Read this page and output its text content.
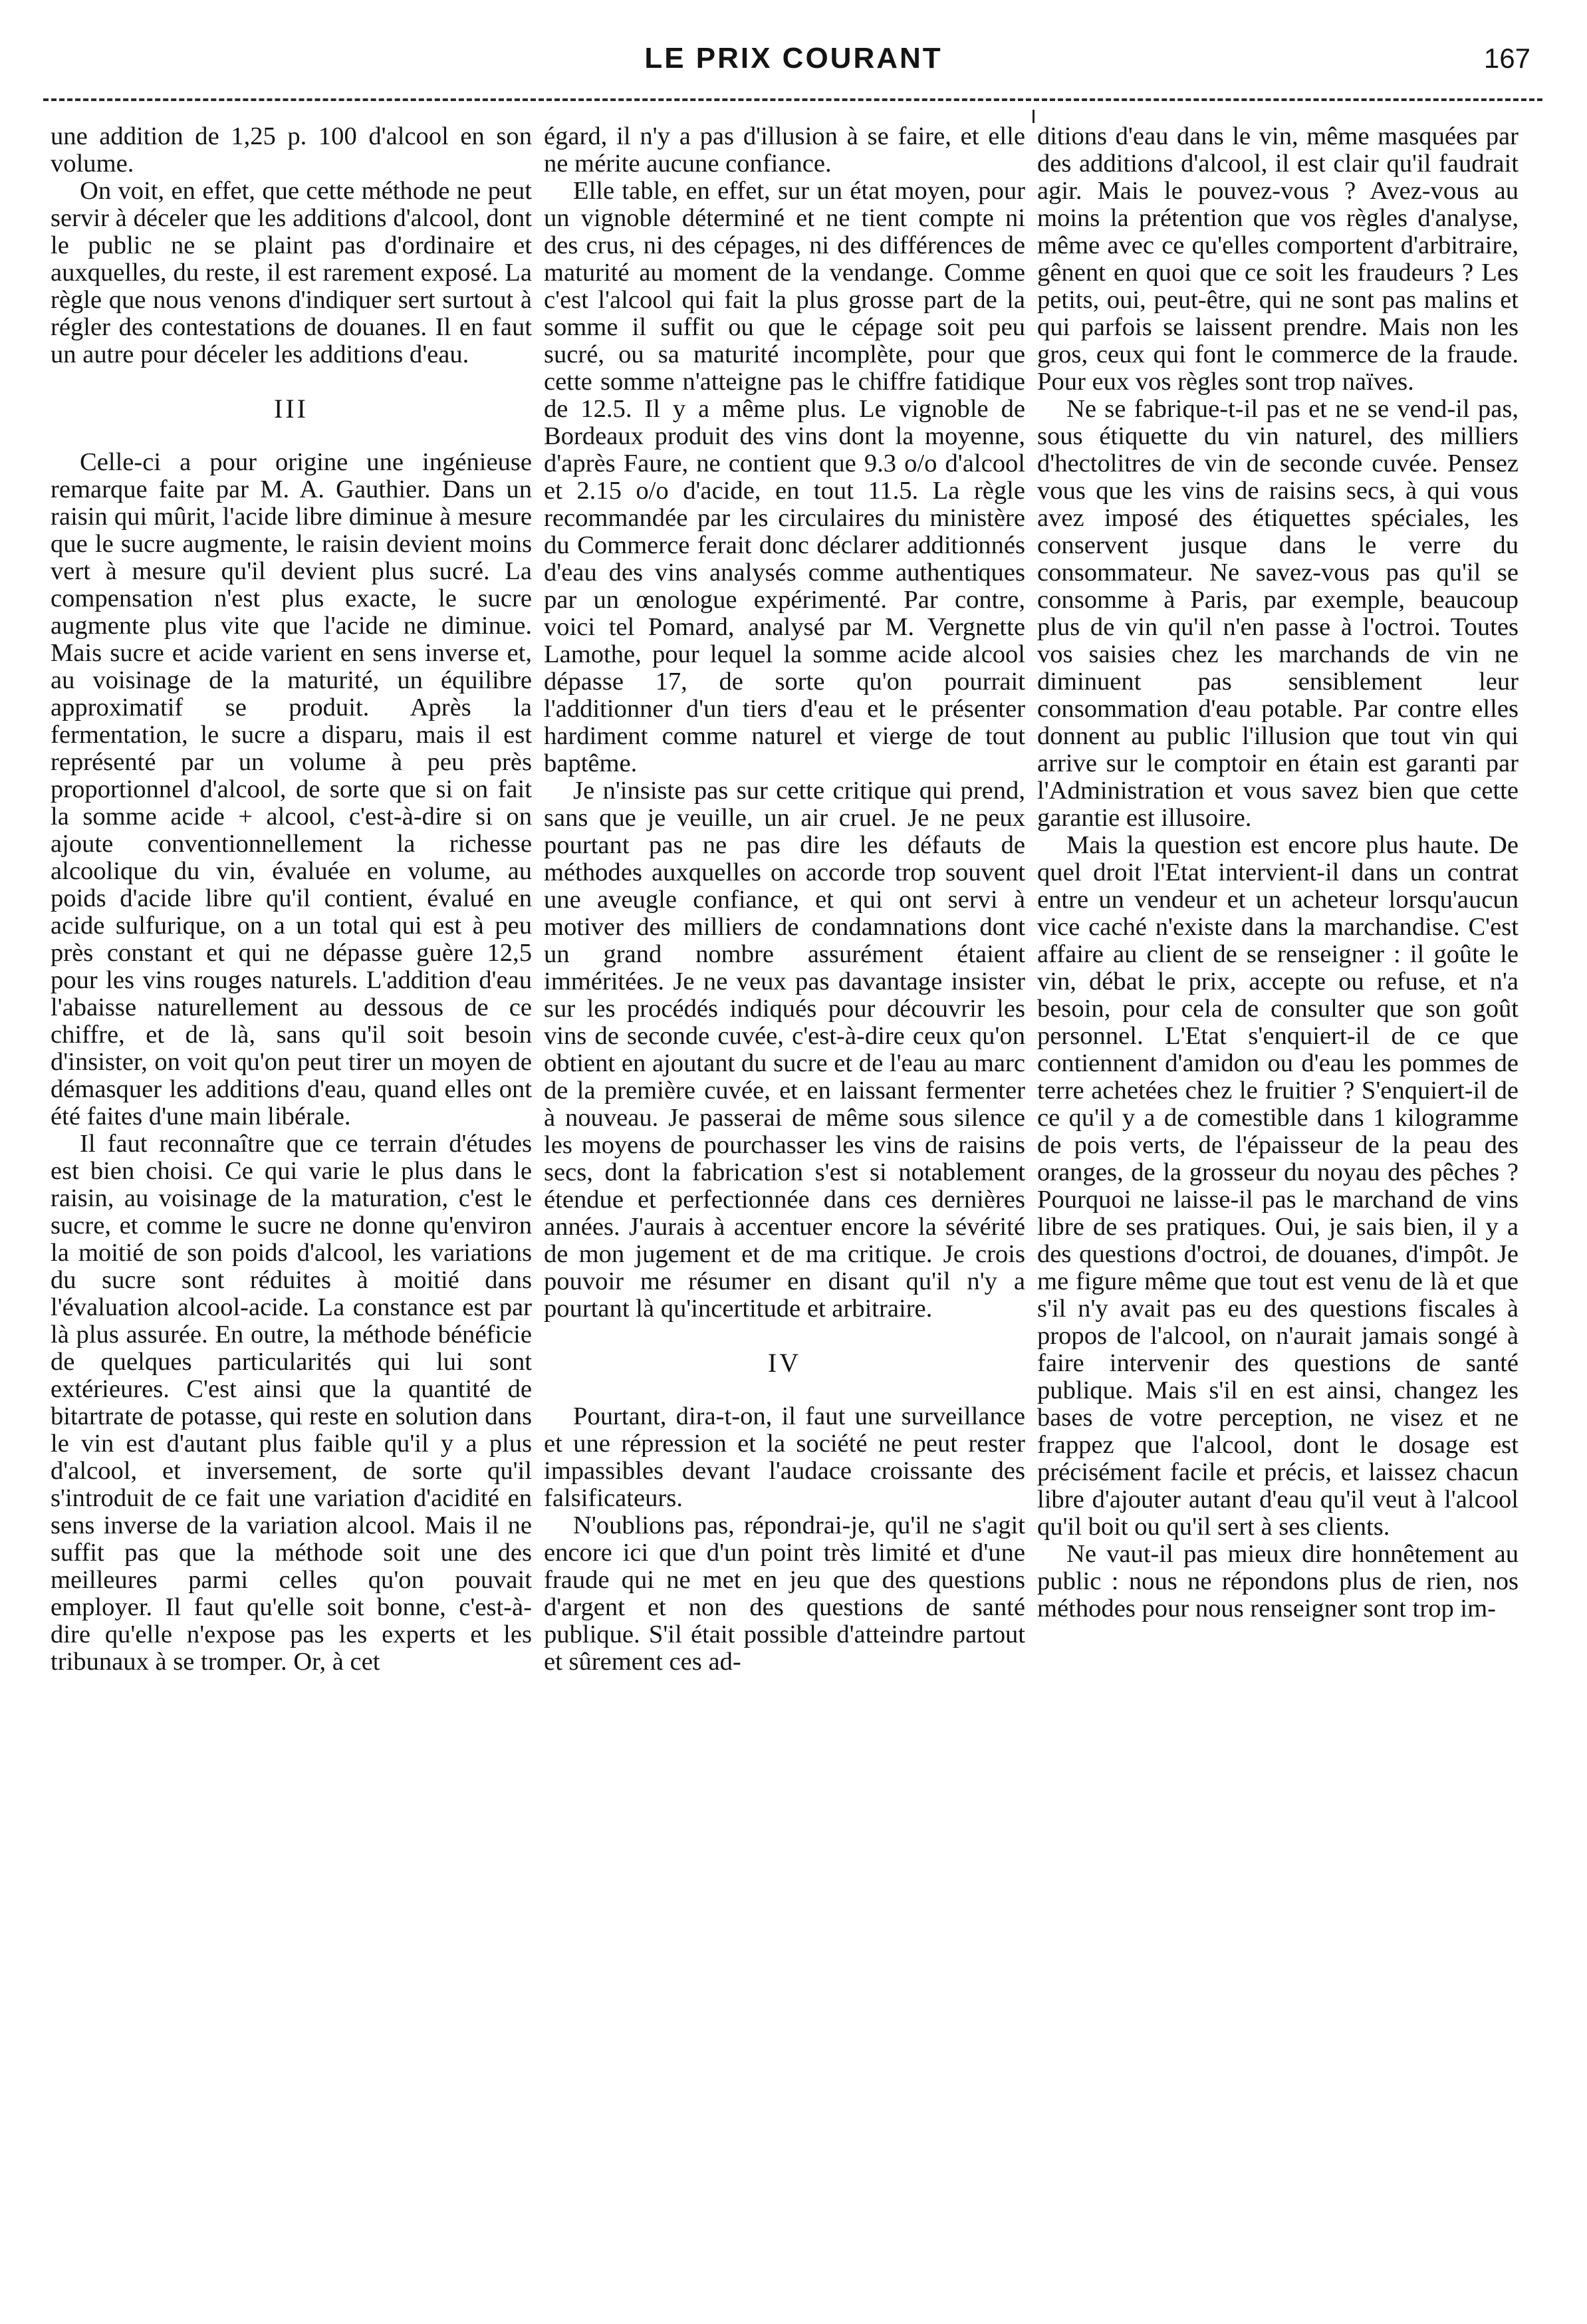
LE PRIX COURANT	167

une addition de 1,25 p. 100 d'alcool en son volume.

On voit, en effet, que cette méthode ne peut servir à déceler que les additions d'alcool, dont le public ne se plaint pas d'ordinaire et auxquelles, du reste, il est rarement exposé. La règle que nous venons d'indiquer sert surtout à régler des contestations de douanes. Il en faut un autre pour déceler les additions d'eau.

III

Celle-ci a pour origine une ingénieuse remarque faite par M. A. Gauthier. Dans un raisin qui mûrit, l'acide libre diminue à mesure que le sucre augmente, le raisin devient moins vert à mesure qu'il devient plus sucré. La compensation n'est plus exacte, le sucre augmente plus vite que l'acide ne diminue. Mais sucre et acide varient en sens inverse et, au voisinage de la maturité, un équilibre approximatif se produit. Après la fermentation, le sucre a disparu, mais il est représenté par un volume à peu près proportionnel d'alcool, de sorte que si on fait la somme acide + alcool, c'est-à-dire si on ajoute conventionnellement la richesse alcoolique du vin, évaluée en volume, au poids d'acide libre qu'il contient, évalué en acide sulfurique, on a un total qui est à peu près constant et qui ne dépasse guère 12,5 pour les vins rouges naturels. L'addition d'eau l'abaisse naturellement au dessous de ce chiffre, et de là, sans qu'il soit besoin d'insister, on voit qu'on peut tirer un moyen de démasquer les additions d'eau, quand elles ont été faites d'une main libérale.

Il faut reconnaître que ce terrain d'études est bien choisi. Ce qui varie le plus dans le raisin, au voisinage de la maturation, c'est le sucre, et comme le sucre ne donne qu'environ la moitié de son poids d'alcool, les variations du sucre sont réduites à moitié dans l'évaluation alcool-acide. La constance est par là plus assurée. En outre, la méthode bénéficie de quelques particularités qui lui sont extérieures. C'est ainsi que la quantité de bitartrate de potasse, qui reste en solution dans le vin est d'autant plus faible qu'il y a plus d'alcool, et inversement, de sorte qu'il s'introduit de ce fait une variation d'acidité en sens inverse de la variation alcool. Mais il ne suffit pas que la méthode soit une des meilleures parmi celles qu'on pouvait employer. Il faut qu'elle soit bonne, c'est-à-dire qu'elle n'expose pas les experts et les tribunaux à se tromper. Or, à cet

égard, il n'y a pas d'illusion à se faire, et elle ne mérite aucune confiance.

Elle table, en effet, sur un état moyen, pour un vignoble déterminé et ne tient compte ni des crus, ni des cépages, ni des différences de maturité au moment de la vendange. Comme c'est l'alcool qui fait la plus grosse part de la somme il suffit ou que le cépage soit peu sucré, ou sa maturité incomplète, pour que cette somme n'atteigne pas le chiffre fatidique de 12.5. Il y a même plus. Le vignoble de Bordeaux produit des vins dont la moyenne, d'après Faure, ne contient que 9.3 o/o d'alcool et 2.15 o/o d'acide, en tout 11.5. La règle recommandée par les circulaires du ministère du Commerce ferait donc déclarer additionnés d'eau des vins analysés comme authentiques par un œnologue expérimenté. Par contre, voici tel Pomard, analysé par M. Vergnette Lamothe, pour lequel la somme acide alcool dépasse 17, de sorte qu'on pourrait l'additionner d'un tiers d'eau et le présenter hardiment comme naturel et vierge de tout baptême.

Je n'insiste pas sur cette critique qui prend, sans que je veuille, un air cruel. Je ne peux pourtant pas ne pas dire les défauts de méthodes auxquelles on accorde trop souvent une aveugle confiance, et qui ont servi à motiver des milliers de condamnations dont un grand nombre assurément étaient imméritées. Je ne veux pas davantage insister sur les procédés indiqués pour découvrir les vins de seconde cuvée, c'est-à-dire ceux qu'on obtient en ajoutant du sucre et de l'eau au marc de la première cuvée, et en laissant fermenter à nouveau. Je passerai de même sous silence les moyens de pourchasser les vins de raisins secs, dont la fabrication s'est si notablement étendue et perfectionnée dans ces dernières années. J'aurais à accentuer encore la sévérité de mon jugement et de ma critique. Je crois pouvoir me résumer en disant qu'il n'y a pourtant là qu'incertitude et arbitraire.

IV

Pourtant, dira-t-on, il faut une surveillance et une répression et la société ne peut rester impassibles devant l'audace croissante des falsificateurs.

N'oublions pas, répondrai-je, qu'il ne s'agit encore ici que d'un point très limité et d'une fraude qui ne met en jeu que des questions d'argent et non des questions de santé publique. S'il était possible d'atteindre partout et sûrement ces ad-

ditions d'eau dans le vin, même masquées par des additions d'alcool, il est clair qu'il faudrait agir. Mais le pouvez-vous ? Avez-vous au moins la prétention que vos règles d'analyse, même avec ce qu'elles comportent d'arbitraire, gênent en quoi que ce soit les fraudeurs ? Les petits, oui, peut-être, qui ne sont pas malins et qui parfois se laissent prendre. Mais non les gros, ceux qui font le commerce de la fraude. Pour eux vos règles sont trop naïves.

Ne se fabrique-t-il pas et ne se vend-il pas, sous étiquette du vin naturel, des milliers d'hectolitres de vin de seconde cuvée. Pensez vous que les vins de raisins secs, à qui vous avez imposé des étiquettes spéciales, les conservent jusque dans le verre du consommateur. Ne savez-vous pas qu'il se consomme à Paris, par exemple, beaucoup plus de vin qu'il n'en passe à l'octroi. Toutes vos saisies chez les marchands de vin ne diminuent pas sensiblement leur consommation d'eau potable. Par contre elles donnent au public l'illusion que tout vin qui arrive sur le comptoir en étain est garanti par l'Administration et vous savez bien que cette garantie est illusoire.

Mais la question est encore plus haute. De quel droit l'Etat intervient-il dans un contrat entre un vendeur et un acheteur lorsqu'aucun vice caché n'existe dans la marchandise. C'est affaire au client de se renseigner : il goûte le vin, débat le prix, accepte ou refuse, et n'a besoin, pour cela de consulter que son goût personnel. L'Etat s'enquiert-il de ce que contiennent d'amidon ou d'eau les pommes de terre achetées chez le fruitier ? S'enquiert-il de ce qu'il y a de comestible dans 1 kilogramme de pois verts, de l'épaisseur de la peau des oranges, de la grosseur du noyau des pêches ? Pourquoi ne laisse-il pas le marchand de vins libre de ses pratiques. Oui, je sais bien, il y a des questions d'octroi, de douanes, d'impôt. Je me figure même que tout est venu de là et que s'il n'y avait pas eu des questions fiscales à propos de l'alcool, on n'aurait jamais songé à faire intervenir des questions de santé publique. Mais s'il en est ainsi, changez les bases de votre perception, ne visez et ne frappez que l'alcool, dont le dosage est précisément facile et précis, et laissez chacun libre d'ajouter autant d'eau qu'il veut à l'alcool qu'il boit ou qu'il sert à ses clients.

Ne vaut-il pas mieux dire honnêtement au public : nous ne répondons plus de rien, nos méthodes pour nous renseigner sont trop im-
